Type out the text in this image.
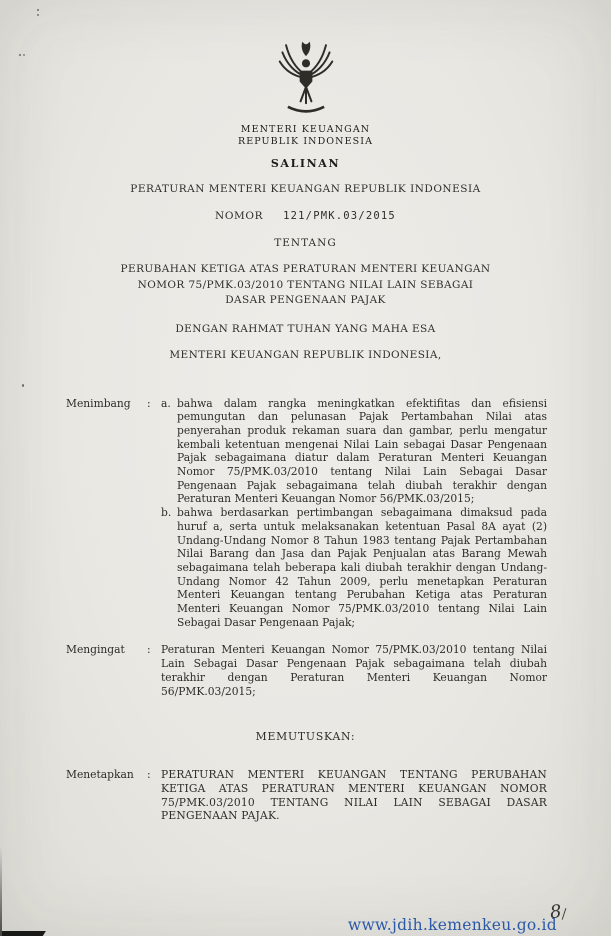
MENTERI KEUANGAN
REPUBLIK INDONESIA
SALINAN
PERATURAN MENTERI KEUANGAN REPUBLIK INDONESIA
NOMOR 121/PMK.03/2015
TENTANG
PERUBAHAN KETIGA ATAS PERATURAN MENTERI KEUANGAN
NOMOR 75/PMK.03/2010 TENTANG NILAI LAIN SEBAGAI
DASAR PENGENAAN PAJAK
DENGAN RAHMAT TUHAN YANG MAHA ESA
MENTERI KEUANGAN REPUBLIK INDONESIA,
Menimbang	: a. bahwa dalam rangka meningkatkan efektifitas dan efisiensi pemungutan dan pelunasan Pajak Pertambahan Nilai atas penyerahan produk rekaman suara dan gambar, perlu mengatur kembali ketentuan mengenai Nilai Lain sebagai Dasar Pengenaan Pajak sebagaimana diatur dalam Peraturan Menteri Keuangan Nomor 75/PMK.03/2010 tentang Nilai Lain Sebagai Dasar Pengenaan Pajak sebagaimana telah diubah terakhir dengan Peraturan Menteri Keuangan Nomor 56/PMK.03/2015;
b. bahwa berdasarkan pertimbangan sebagaimana dimaksud pada huruf a, serta untuk melaksanakan ketentuan Pasal 8A ayat (2) Undang-Undang Nomor 8 Tahun 1983 tentang Pajak Pertambahan Nilai Barang dan Jasa dan Pajak Penjualan atas Barang Mewah sebagaimana telah beberapa kali diubah terakhir dengan Undang-Undang Nomor 42 Tahun 2009, perlu menetapkan Peraturan Menteri Keuangan tentang Perubahan Ketiga atas Peraturan Menteri Keuangan Nomor 75/PMK.03/2010 tentang Nilai Lain Sebagai Dasar Pengenaan Pajak;
Mengingat	: Peraturan Menteri Keuangan Nomor 75/PMK.03/2010 tentang Nilai Lain Sebagai Dasar Pengenaan Pajak sebagaimana telah diubah terakhir dengan Peraturan Menteri Keuangan Nomor 56/PMK.03/2015;
MEMUTUSKAN:
Menetapkan	: PERATURAN MENTERI KEUANGAN TENTANG PERUBAHAN KETIGA ATAS PERATURAN MENTERI KEUANGAN NOMOR 75/PMK.03/2010 TENTANG NILAI LAIN SEBAGAI DASAR PENGENAAN PAJAK.
8
www.jdih.kemenkeu.go.id
